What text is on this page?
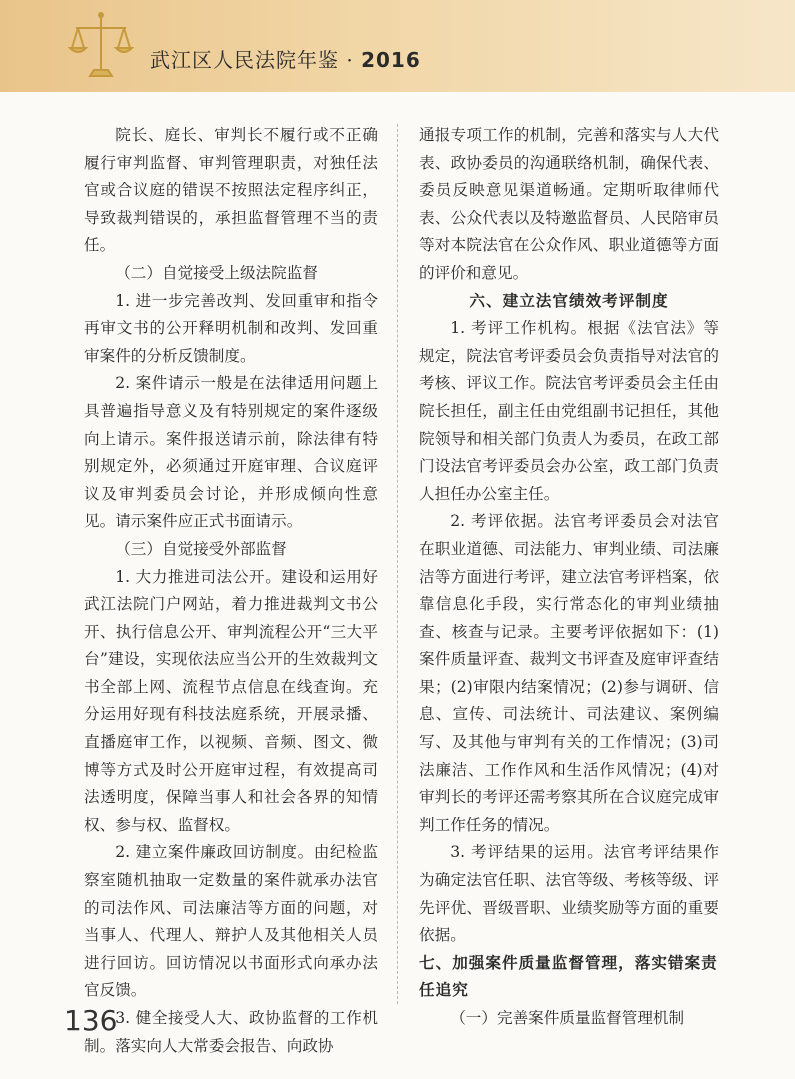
武江区人民法院年鉴 · 2016

院长、庭长、审判长不履行或不正确履行审判监督、审判管理职责，对独任法官或合议庭的错误不按照法定程序纠正，导致裁判错误的，承担监督管理不当的责任。

（二）自觉接受上级法院监督

1. 进一步完善改判、发回重审和指令再审文书的公开释明机制和改判、发回重审案件的分析反馈制度。

2. 案件请示一般是在法律适用问题上具普遍指导意义及有特别规定的案件逐级向上请示。案件报送请示前，除法律有特别规定外，必须通过开庭审理、合议庭评议及审判委员会讨论，并形成倾向性意见。请示案件应正式书面请示。

（三）自觉接受外部监督

1. 大力推进司法公开。建设和运用好武江法院门户网站，着力推进裁判文书公开、执行信息公开、审判流程公开“三大平台”建设，实现依法应当公开的生效裁判文书全部上网、流程节点信息在线查询。充分运用好现有科技法庭系统，开展录播、直播庭审工作，以视频、音频、图文、微博等方式及时公开庭审过程，有效提高司法透明度，保障当事人和社会各界的知情权、参与权、监督权。

2. 建立案件廉政回访制度。由纪检监察室随机抽取一定数量的案件就承办法官的司法作风、司法廉洁等方面的问题，对当事人、代理人、辩护人及其他相关人员进行回访。回访情况以书面形式向承办法官反馈。

3. 健全接受人大、政协监督的工作机制。落实向人大常委会报告、向政协

通报专项工作的机制，完善和落实与人大代表、政协委员的沟通联络机制，确保代表、委员反映意见渠道畅通。定期听取律师代表、公众代表以及特邀监督员、人民陪审员等对本院法官在公众作风、职业道德等方面的评价和意见。

六、建立法官绩效考评制度

1. 考评工作机构。根据《法官法》等规定，院法官考评委员会负责指导对法官的考核、评议工作。院法官考评委员会主任由院长担任，副主任由党组副书记担任，其他院领导和相关部门负责人为委员，在政工部门设法官考评委员会办公室，政工部门负责人担任办公室主任。

2. 考评依据。法官考评委员会对法官在职业道德、司法能力、审判业绩、司法廉洁等方面进行考评，建立法官考评档案，依靠信息化手段，实行常态化的审判业绩抽查、核查与记录。主要考评依据如下：(1)案件质量评查、裁判文书评查及庭审评查结果；(2)审限内结案情况；(2)参与调研、信息、宣传、司法统计、司法建议、案例编写、及其他与审判有关的工作情况；(3)司法廉洁、工作作风和生活作风情况；(4)对审判长的考评还需考察其所在合议庭完成审判工作任务的情况。

3. 考评结果的运用。法官考评结果作为确定法官任职、法官等级、考核等级、评先评优、晋级晋职、业绩奖励等方面的重要依据。

七、加强案件质量监督管理，落实错案责任追究

（一）完善案件质量监督管理机制

136
